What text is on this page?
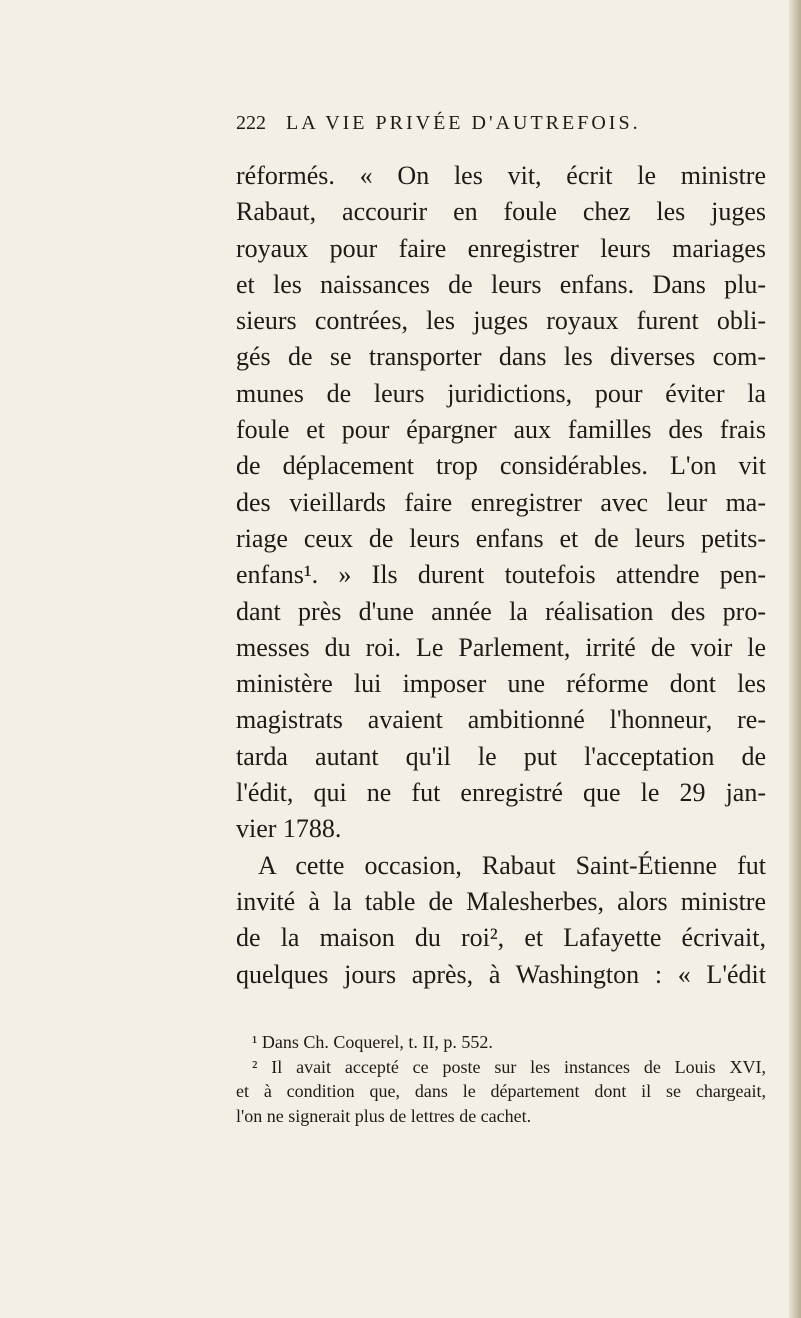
222 LA VIE PRIVÉE D'AUTREFOIS.
réformés. « On les vit, écrit le ministre
Rabaut, accourir en foule chez les juges
royaux pour faire enregistrer leurs mariages
et les naissances de leurs enfans. Dans plu-
sieurs contrées, les juges royaux furent obli-
gés de se transporter dans les diverses com-
munes de leurs juridictions, pour éviter la
foule et pour épargner aux familles des frais
de déplacement trop considérables. L'on vit
des vieillards faire enregistrer avec leur ma-
riage ceux de leurs enfans et de leurs petits-
enfans¹. » Ils durent toutefois attendre pen-
dant près d'une année la réalisation des pro-
messes du roi. Le Parlement, irrité de voir le
ministère lui imposer une réforme dont les
magistrats avaient ambitionné l'honneur, re-
tarda autant qu'il le put l'acceptation de
l'édit, qui ne fut enregistré que le 29 jan-
vier 1788.
A cette occasion, Rabaut Saint-Étienne fut
invité à la table de Malesherbes, alors ministre
de la maison du roi², et Lafayette écrivait,
quelques jours après, à Washington : « L'édit
¹ Dans Ch. Coquerel, t. II, p. 552.
² Il avait accepté ce poste sur les instances de Louis XVI,
et à condition que, dans le département dont il se chargeait,
l'on ne signerait plus de lettres de cachet.
